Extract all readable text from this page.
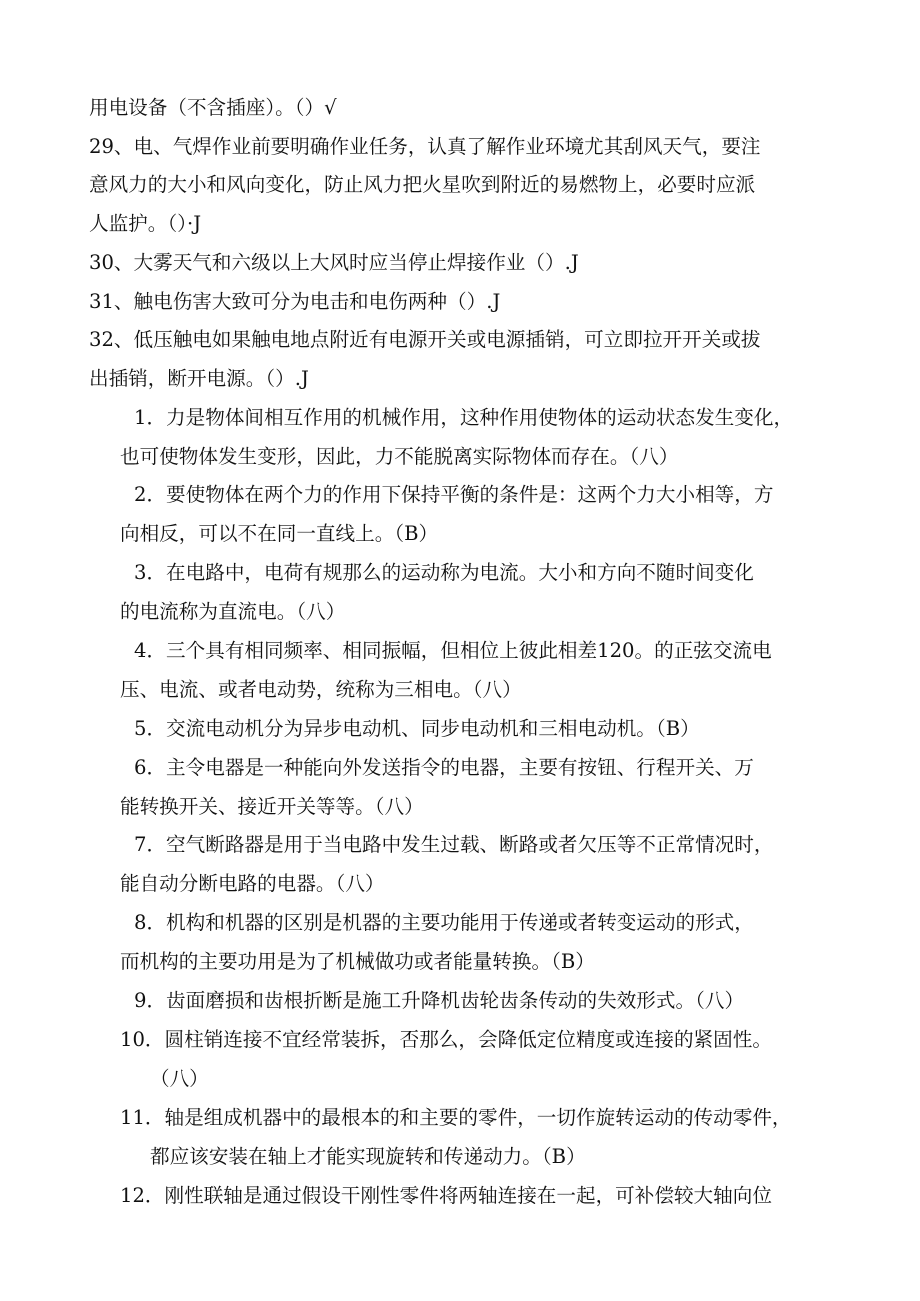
用电设备（不含插座）。（）√
29、电、气焊作业前要明确作业任务，认真了解作业环境尤其刮风天气，要注
意风力的大小和风向变化，防止风力把火星吹到附近的易燃物上，必要时应派
人监护。（）·J
30、大雾天气和六级以上大风时应当停止焊接作业（）.J
31、触电伤害大致可分为电击和电伤两种（）.J
32、低压触电如果触电地点附近有电源开关或电源插销，可立即拉开开关或拔
出插销，断开电源。（）.J
1．力是物体间相互作用的机械作用，这种作用使物体的运动状态发生变化，
也可使物体发生变形，因此，力不能脱离实际物体而存在。（八）
2．要使物体在两个力的作用下保持平衡的条件是：这两个力大小相等，方
向相反，可以不在同一直线上。（B）
3．在电路中，电荷有规那么的运动称为电流。大小和方向不随时间变化
的电流称为直流电。（八）
4．三个具有相同频率、相同振幅，但相位上彼此相差120。的正弦交流电
压、电流、或者电动势，统称为三相电。（八）
5．交流电动机分为异步电动机、同步电动机和三相电动机。（B）
6．主令电器是一种能向外发送指令的电器，主要有按钮、行程开关、万
能转换开关、接近开关等等。（八）
7．空气断路器是用于当电路中发生过载、断路或者欠压等不正常情况时，
能自动分断电路的电器。（八）
8．机构和机器的区别是机器的主要功能用于传递或者转变运动的形式，
而机构的主要功用是为了机械做功或者能量转换。（B）
9．齿面磨损和齿根折断是施工升降机齿轮齿条传动的失效形式。（八）
10．圆柱销连接不宜经常装拆，否那么，会降低定位精度或连接的紧固性。
（八）
11．轴是组成机器中的最根本的和主要的零件，一切作旋转运动的传动零件，
都应该安装在轴上才能实现旋转和传递动力。（B）
12．刚性联轴是通过假设干刚性零件将两轴连接在一起，可补偿较大轴向位
